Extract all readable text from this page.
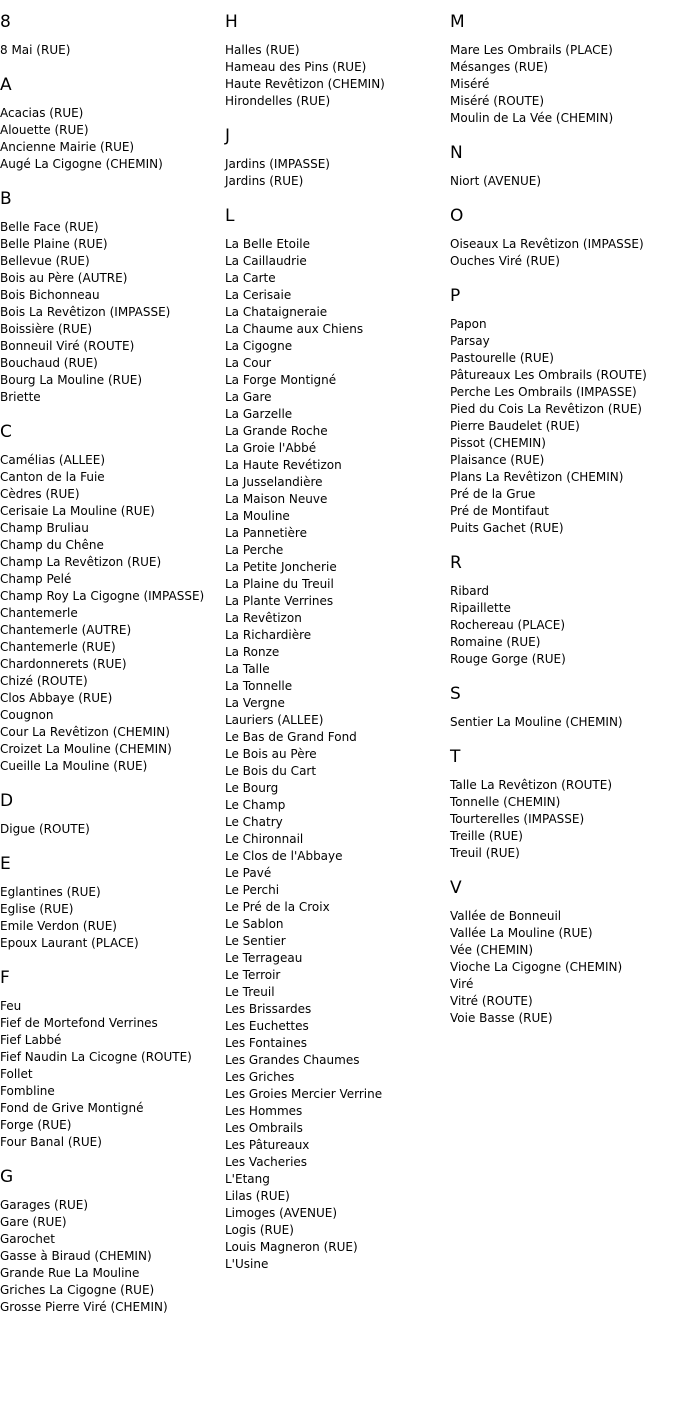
8
8 Mai (RUE)
A
Acacias (RUE)
Alouette (RUE)
Ancienne Mairie (RUE)
Augé La Cigogne (CHEMIN)
B
Belle Face (RUE)
Belle Plaine (RUE)
Bellevue (RUE)
Bois au Père (AUTRE)
Bois Bichonneau
Bois La Revêtizon (IMPASSE)
Boissière (RUE)
Bonneuil Viré (ROUTE)
Bouchaud (RUE)
Bourg La Mouline (RUE)
Briette
C
Camélias (ALLEE)
Canton de la Fuie
Cèdres (RUE)
Cerisaie La Mouline (RUE)
Champ Bruliau
Champ du Chêne
Champ La Revêtizon (RUE)
Champ Pelé
Champ Roy La Cigogne (IMPASSE)
Chantemerle
Chantemerle (AUTRE)
Chantemerle (RUE)
Chardonnerets (RUE)
Chizé (ROUTE)
Clos Abbaye (RUE)
Cougnon
Cour La Revêtizon (CHEMIN)
Croizet La Mouline (CHEMIN)
Cueille La Mouline (RUE)
D
Digue (ROUTE)
E
Eglantines (RUE)
Eglise (RUE)
Emile Verdon (RUE)
Epoux Laurant (PLACE)
F
Feu
Fief de Mortefond Verrines
Fief Labbé
Fief Naudin La Cicogne (ROUTE)
Follet
Fombline
Fond de Grive Montigné
Forge (RUE)
Four Banal (RUE)
G
Garages (RUE)
Gare (RUE)
Garochet
Gasse à Biraud (CHEMIN)
Grande Rue La Mouline
Griches La Cigogne (RUE)
Grosse Pierre Viré (CHEMIN)
H
Halles (RUE)
Hameau des Pins (RUE)
Haute Revêtizon (CHEMIN)
Hirondelles (RUE)
J
Jardins (IMPASSE)
Jardins (RUE)
L
La Belle Etoile
La Caillaudrie
La Carte
La Cerisaie
La Chataigneraie
La Chaume aux Chiens
La Cigogne
La Cour
La Forge Montigné
La Gare
La Garzelle
La Grande Roche
La Groie l'Abbé
La Haute Revétizon
La Jusselandière
La Maison Neuve
La Mouline
La Pannetière
La Perche
La Petite Joncherie
La Plaine du Treuil
La Plante Verrines
La Revêtizon
La Richardière
La Ronze
La Talle
La Tonnelle
La Vergne
Lauriers (ALLEE)
Le Bas de Grand Fond
Le Bois au Père
Le Bois du Cart
Le Bourg
Le Champ
Le Chatry
Le Chironnail
Le Clos de l'Abbaye
Le Pavé
Le Perchi
Le Pré de la Croix
Le Sablon
Le Sentier
Le Terrageau
Le Terroir
Le Treuil
Les Brissardes
Les Euchettes
Les Fontaines
Les Grandes Chaumes
Les Griches
Les Groies Mercier Verrine
Les Hommes
Les Ombrails
Les Pâtureaux
Les Vacheries
L'Etang
Lilas (RUE)
Limoges (AVENUE)
Logis (RUE)
Louis Magneron (RUE)
L'Usine
M
Mare Les Ombrails (PLACE)
Mésanges (RUE)
Miséré
Miséré (ROUTE)
Moulin de La Vée (CHEMIN)
N
Niort (AVENUE)
O
Oiseaux La Revêtizon (IMPASSE)
Ouches Viré (RUE)
P
Papon
Parsay
Pastourelle (RUE)
Pâtureaux Les Ombrails (ROUTE)
Perche Les Ombrails (IMPASSE)
Pied du Cois La Revêtizon (RUE)
Pierre Baudelet (RUE)
Pissot (CHEMIN)
Plaisance (RUE)
Plans La Revêtizon (CHEMIN)
Pré de la Grue
Pré de Montifaut
Puits Gachet (RUE)
R
Ribard
Ripaillette
Rochereau (PLACE)
Romaine (RUE)
Rouge Gorge (RUE)
S
Sentier La Mouline (CHEMIN)
T
Talle La Revêtizon (ROUTE)
Tonnelle (CHEMIN)
Tourterelles (IMPASSE)
Treille (RUE)
Treuil (RUE)
V
Vallée de Bonneuil
Vallée La Mouline (RUE)
Vée (CHEMIN)
Vioche La Cigogne (CHEMIN)
Viré
Vitré (ROUTE)
Voie Basse (RUE)
